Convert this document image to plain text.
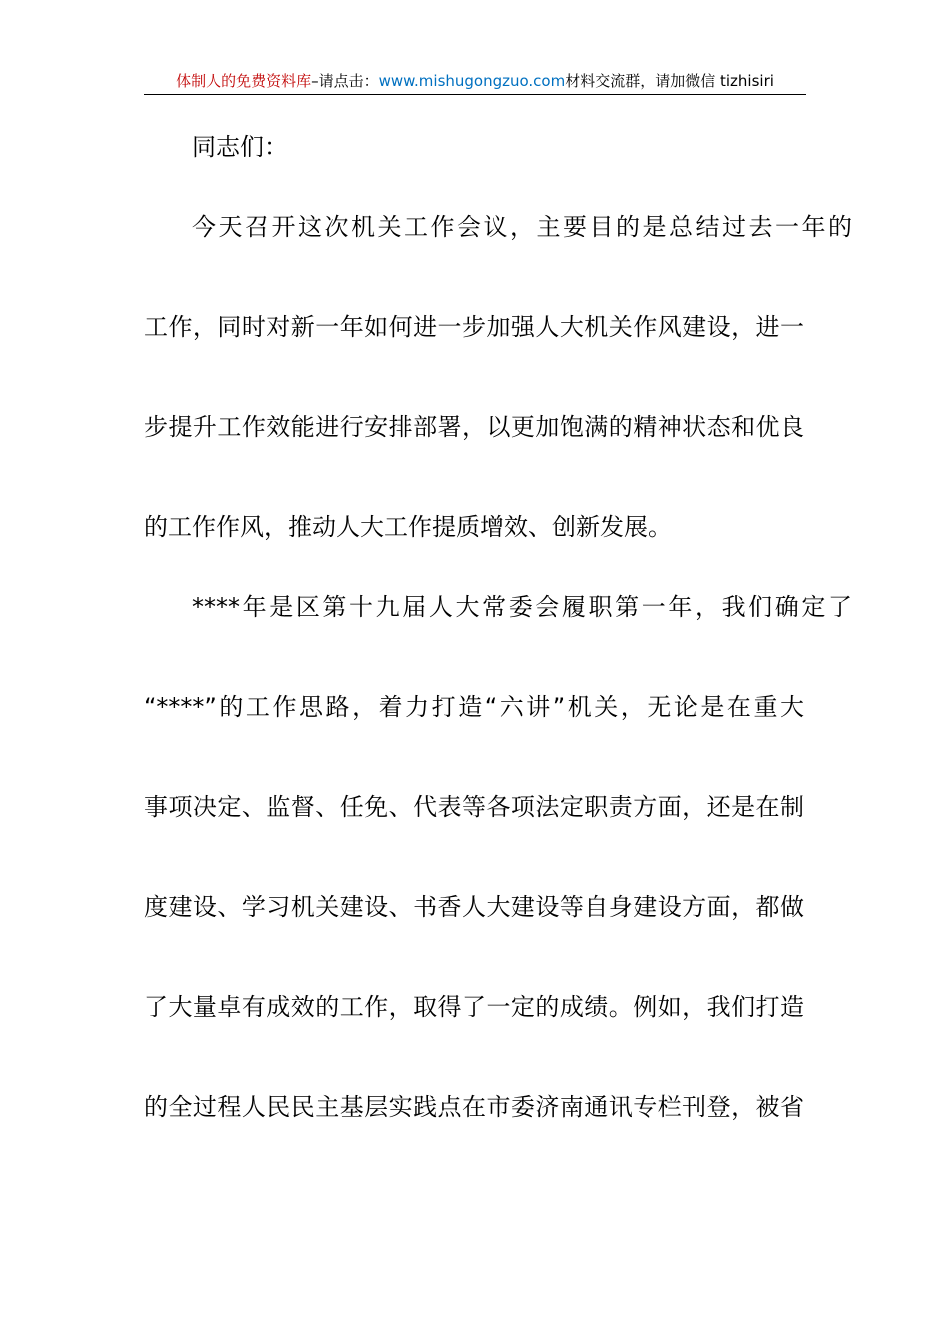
体制人的免费资料库–请点击：www.mishugongzuo.com材料交流群，请加微信 tizhisiri
同志们：
今天召开这次机关工作会议，主要目的是总结过去一年的
工作，同时对新一年如何进一步加强人大机关作风建设，进一
步提升工作效能进行安排部署，以更加饱满的精神状态和优良
的工作作风，推动人大工作提质增效、创新发展。
****年是区第十九届人大常委会履职第一年，我们确定了
“****”的工作思路，着力打造“六讲”机关，无论是在重大
事项决定、监督、任免、代表等各项法定职责方面，还是在制
度建设、学习机关建设、书香人大建设等自身建设方面，都做
了大量卓有成效的工作，取得了一定的成绩。例如，我们打造
的全过程人民民主基层实践点在市委济南通讯专栏刊登，被省
